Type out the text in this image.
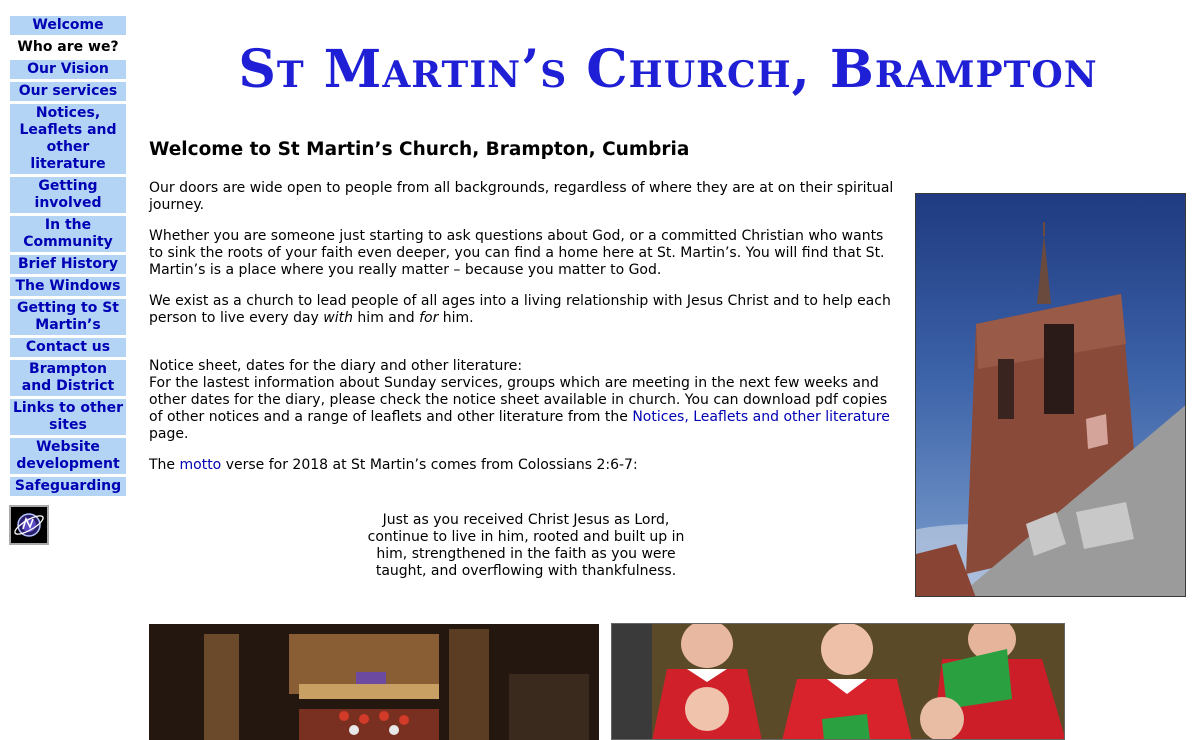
Welcome
Who are we?
Our Vision
Our services
Notices, Leaflets and other literature
Getting involved
In the Community
Brief History
The Windows
Getting to St Martin’s
Contact us
Brampton and District
Links to other sites
Website development
Safeguarding
St Martin’s Church, Brampton
Welcome to St Martin’s Church, Brampton, Cumbria

Our doors are wide open to people from all backgrounds, regardless of where they are at on their spiritual journey.

Whether you are someone just starting to ask questions about God, or a committed Christian who wants to sink the roots of your faith even deeper, you can find a home here at St. Martin’s. You will find that St. Martin’s is a place where you really matter – because you matter to God.

We exist as a church to lead people of all ages into a living relationship with Jesus Christ and to help each person to live every day with him and for him.

Notice sheet, dates for the diary and other literature:
For the lastest information about Sunday services, groups which are meeting in the next few weeks and other dates for the diary, please check the notice sheet available in church. You can download pdf copies of other notices and a range of leaflets and other literature from the Notices, Leaflets and other literature page.

The motto verse for 2018 at St Martin’s comes from Colossians 2:6-7:

Just as you received Christ Jesus as Lord, continue to live in him, rooted and built up in him, strengthened in the faith as you were taught, and overflowing with thankfulness.
